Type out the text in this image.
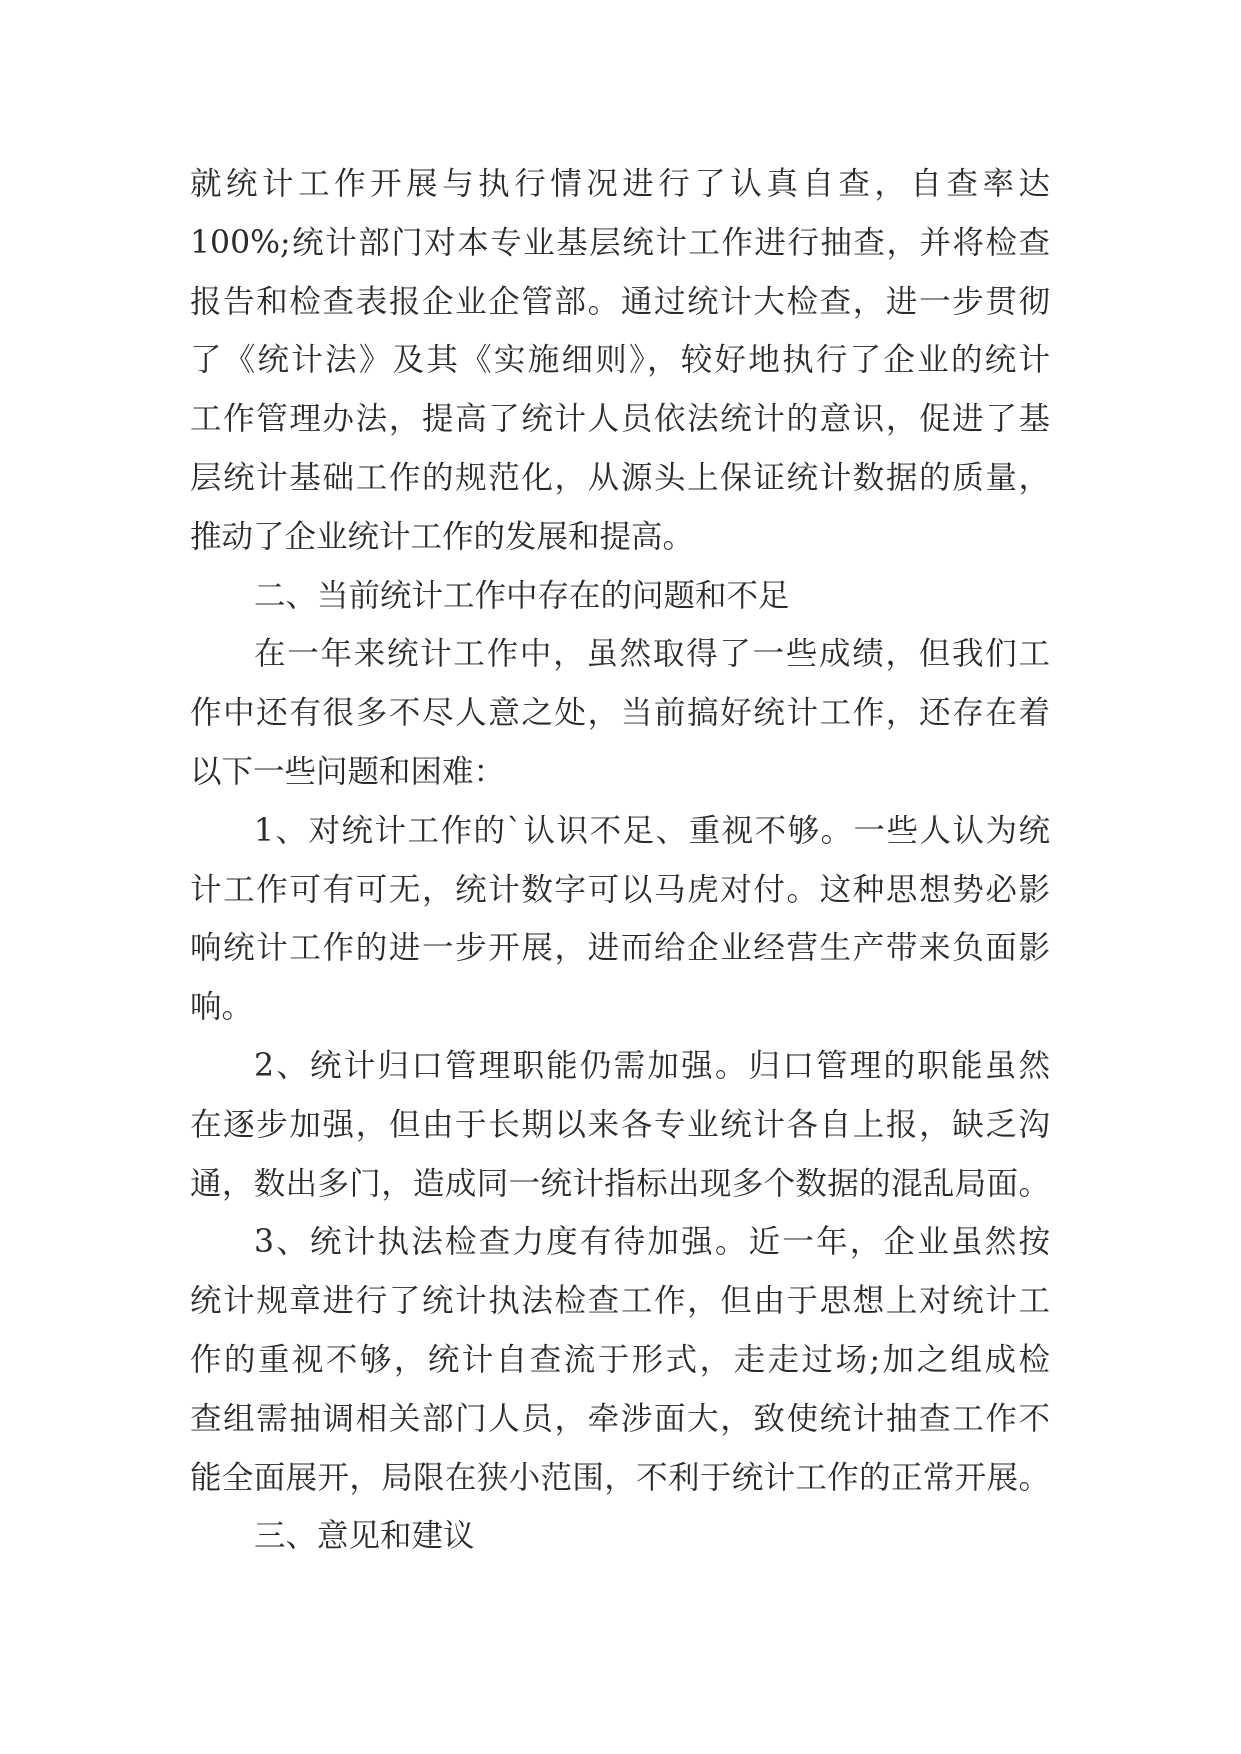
就统计工作开展与执行情况进行了认真自查，自查率达
100%;统计部门对本专业基层统计工作进行抽查，并将检查
报告和检查表报企业企管部。通过统计大检查，进一步贯彻
了《统计法》及其《实施细则》，较好地执行了企业的统计
工作管理办法，提高了统计人员依法统计的意识，促进了基
层统计基础工作的规范化，从源头上保证统计数据的质量，
推动了企业统计工作的发展和提高。
二、当前统计工作中存在的问题和不足
在一年来统计工作中，虽然取得了一些成绩，但我们工
作中还有很多不尽人意之处，当前搞好统计工作，还存在着
以下一些问题和困难：
1、对统计工作的`认识不足、重视不够。一些人认为统
计工作可有可无，统计数字可以马虎对付。这种思想势必影
响统计工作的进一步开展，进而给企业经营生产带来负面影
响。
2、统计归口管理职能仍需加强。归口管理的职能虽然
在逐步加强，但由于长期以来各专业统计各自上报，缺乏沟
通，数出多门，造成同一统计指标出现多个数据的混乱局面。
3、统计执法检查力度有待加强。近一年，企业虽然按
统计规章进行了统计执法检查工作，但由于思想上对统计工
作的重视不够，统计自查流于形式，走走过场;加之组成检
查组需抽调相关部门人员，牵涉面大，致使统计抽查工作不
能全面展开，局限在狭小范围，不利于统计工作的正常开展。
三、意见和建议
